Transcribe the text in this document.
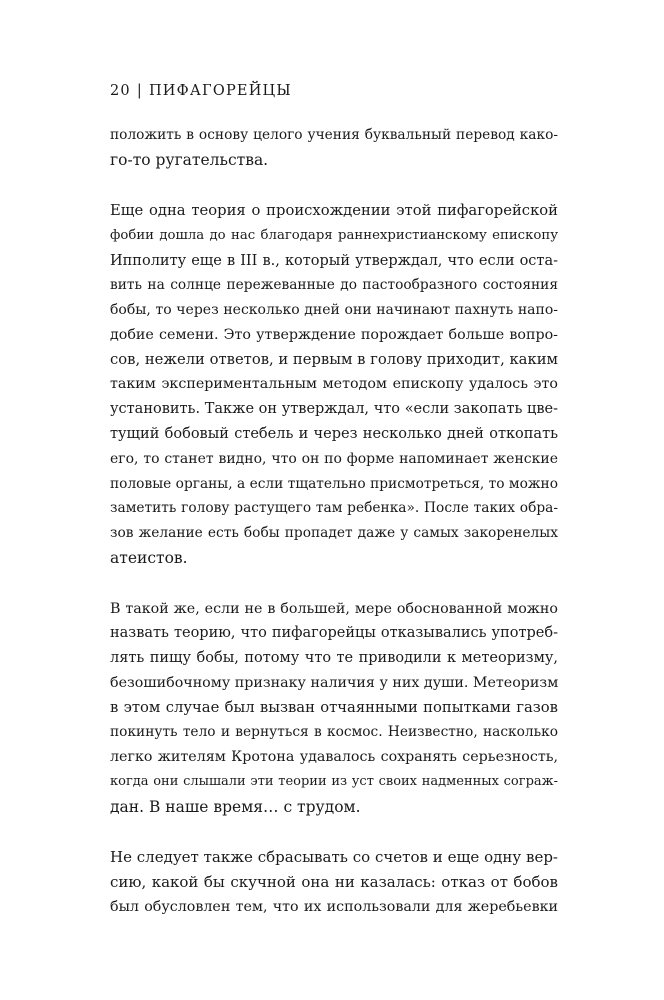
20 | ПИФАГОРЕЙЦЫ
положить в основу целого учения буквальный перевод како-
го-то ругательства.
Еще одна теория о происхождении этой пифагорейской
фобии дошла до нас благодаря раннехристианскому епископу
Ипполиту еще в III в., который утверждал, что если оста-
вить на солнце пережеванные до пастообразного состояния
бобы, то через несколько дней они начинают пахнуть напо-
добие семени. Это утверждение порождает больше вопро-
сов, нежели ответов, и первым в голову приходит, каким
таким экспериментальным методом епископу удалось это
установить. Также он утверждал, что «если закопать цве-
тущий бобовый стебель и через несколько дней откопать
его, то станет видно, что он по форме напоминает женские
половые органы, а если тщательно присмотреться, то можно
заметить голову растущего там ребенка». После таких обра-
зов желание есть бобы пропадет даже у самых закоренелых
атеистов.
В такой же, если не в большей, мере обоснованной можно
назвать теорию, что пифагорейцы отказывались употреб-
лять пищу бобы, потому что те приводили к метеоризму,
безошибочному признаку наличия у них души. Метеоризм
в этом случае был вызван отчаянными попытками газов
покинуть тело и вернуться в космос. Неизвестно, насколько
легко жителям Кротона удавалось сохранять серьезность,
когда они слышали эти теории из уст своих надменных сограж-
дан. В наше время… с трудом.
Не следует также сбрасывать со счетов и еще одну вер-
сию, какой бы скучной она ни казалась: отказ от бобов
был обусловлен тем, что их использовали для жеребьевки
